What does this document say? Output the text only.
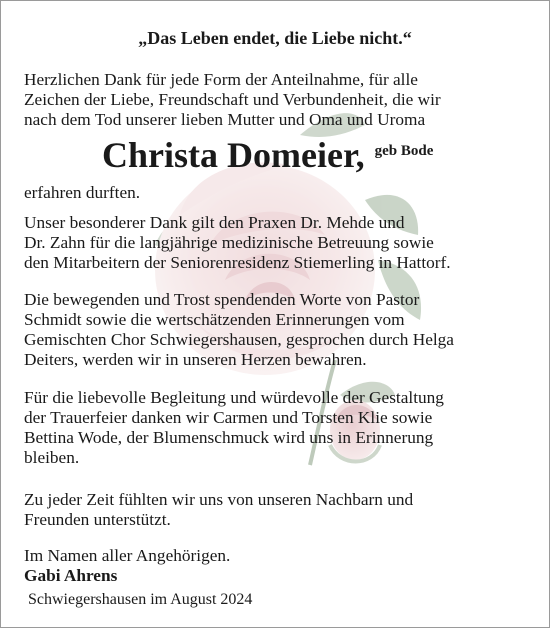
„Das Leben endet, die Liebe nicht.“
Herzlichen Dank für jede Form der Anteilnahme, für alle
Zeichen der Liebe, Freundschaft und Verbundenheit, die wir
nach dem Tod unserer lieben Mutter und Oma und Uroma
Christa Domeier, geb Bode
erfahren durften.
Unser besonderer Dank gilt den Praxen Dr. Mehde und
Dr. Zahn für die langjährige medizinische Betreuung sowie
den Mitarbeitern der Seniorenresidenz Stiemerling in Hattorf.
Die bewegenden und Trost spendenden Worte von Pastor
Schmidt sowie die wertschätzenden Erinnerungen vom
Gemischten Chor Schwiegershausen, gesprochen durch Helga
Deiters, werden wir in unseren Herzen bewahren.
Für die liebevolle Begleitung und würdevolle der Gestaltung
der Trauerfeier danken wir Carmen und Torsten Klie sowie
Bettina Wode, der Blumenschmuck wird uns in Erinnerung
bleiben.
Zu jeder Zeit fühlten wir uns von unseren Nachbarn und
Freunden unterstützt.
Im Namen aller Angehörigen.
Gabi Ahrens
Schwiegershausen im August 2024
